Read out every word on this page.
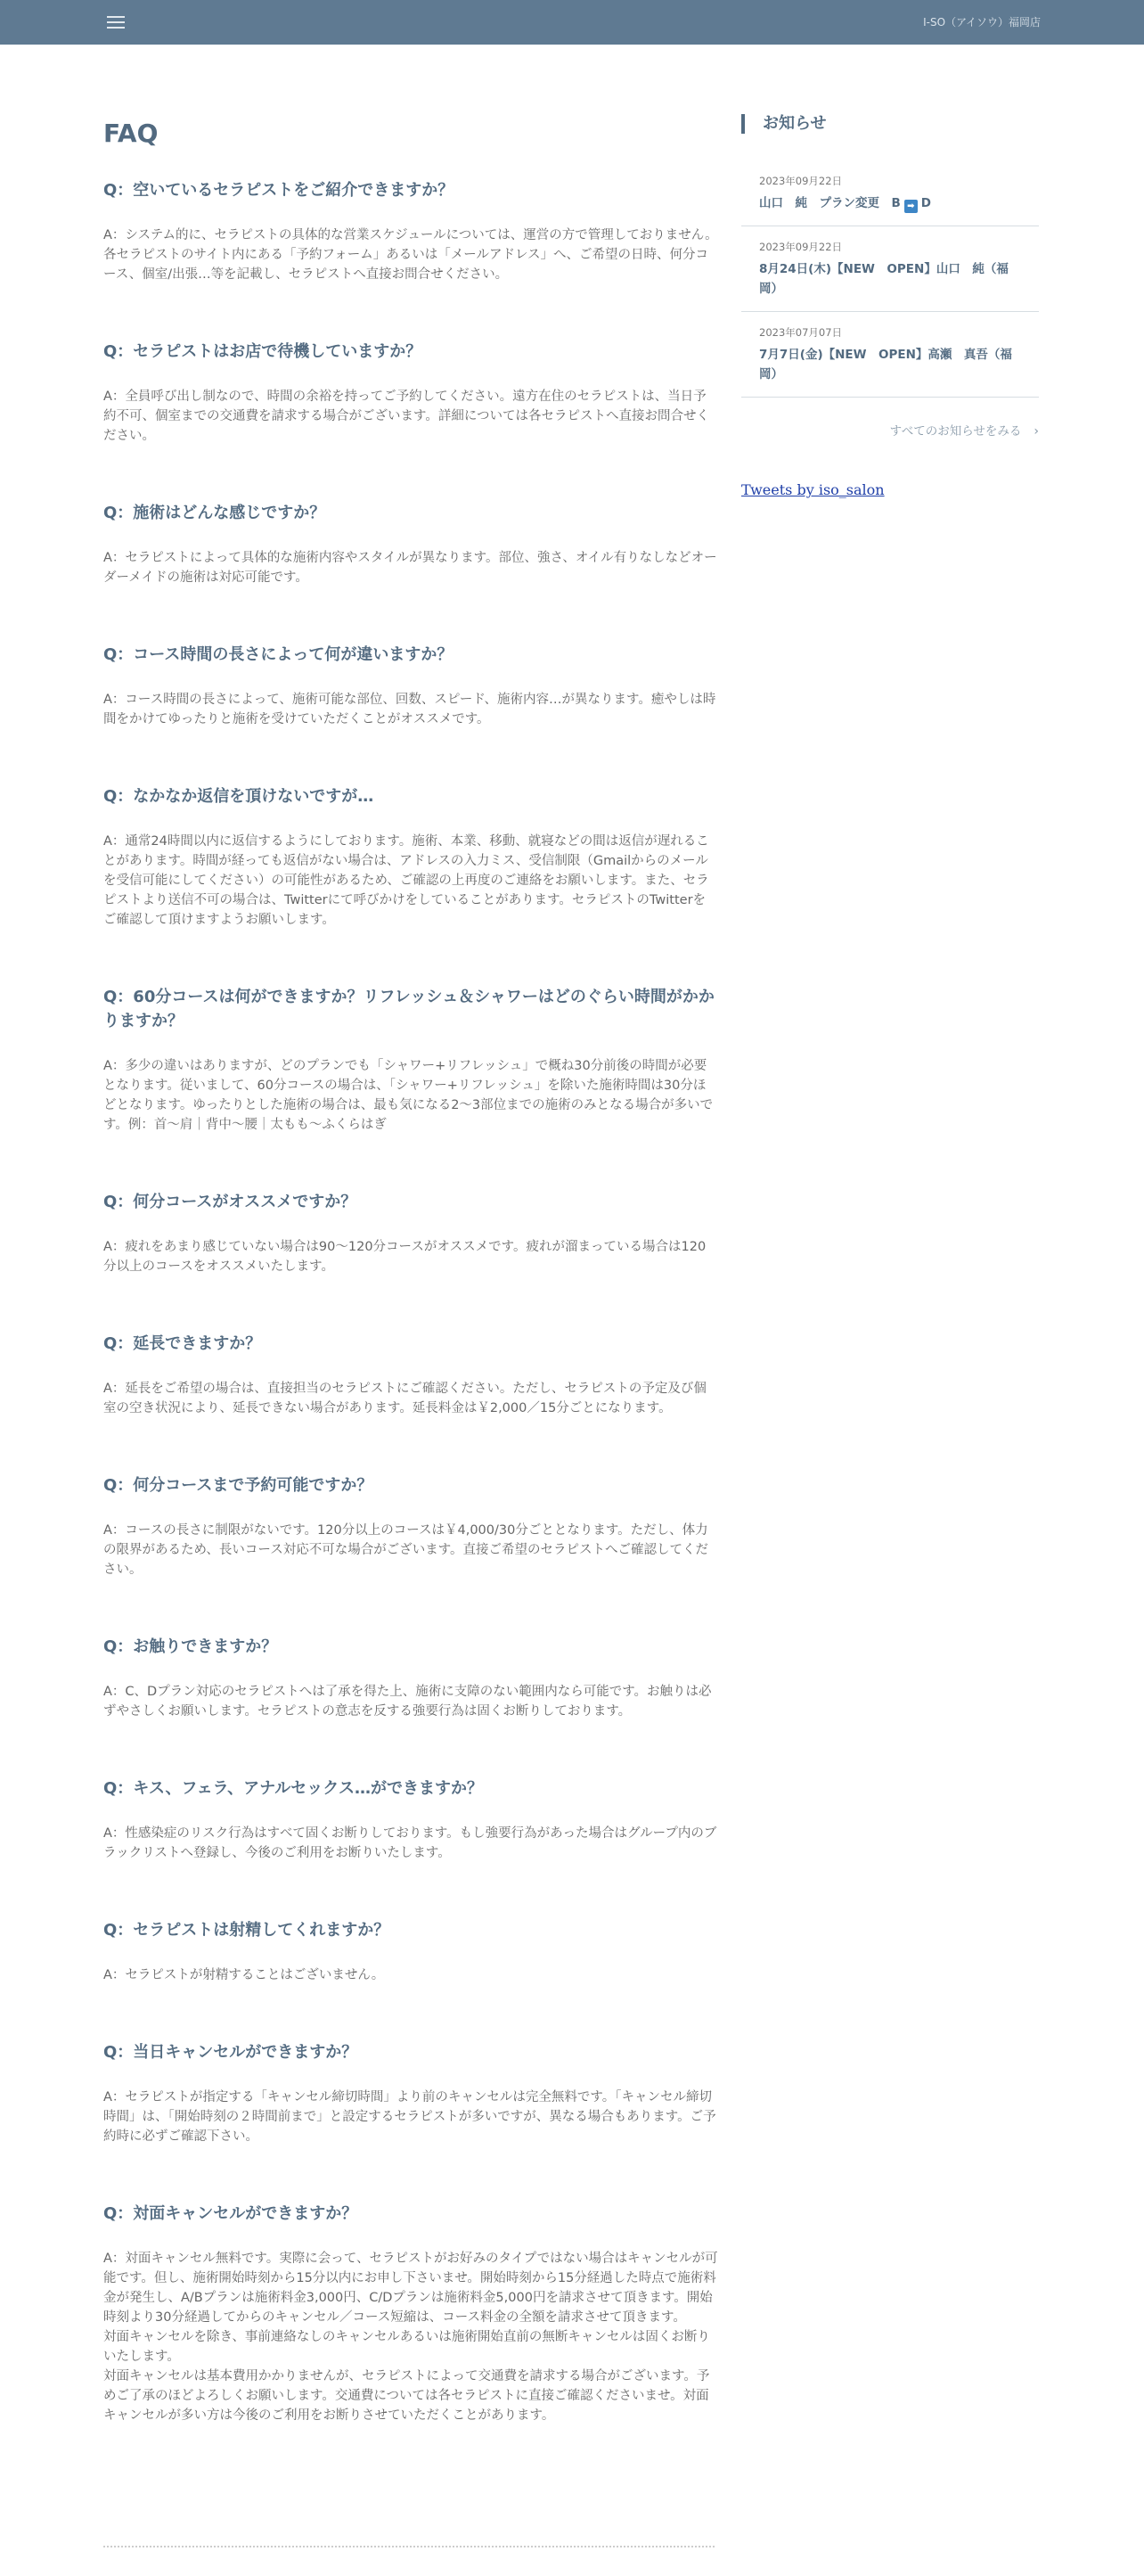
I-SO（アイソウ）福岡店
FAQ
Q：空いているセラピストをご紹介できますか？

A：システム的に、セラピストの具体的な営業スケジュールについては、運営の方で管理しておりません。各セラピストのサイト内にある「予約フォーム」あるいは「メールアドレス」へ、ご希望の日時、何分コース、個室/出張…等を記載し、セラピストへ直接お問合せください。

Q：セラピストはお店で待機していますか？

A：全員呼び出し制なので、時間の余裕を持ってご予約してください。遠方在住のセラピストは、当日予約不可、個室までの交通費を請求する場合がございます。詳細については各セラピストへ直接お問合せください。

Q：施術はどんな感じですか？

A：セラピストによって具体的な施術内容やスタイルが異なります。部位、強さ、オイル有りなしなどオーダーメイドの施術は対応可能です。

Q：コース時間の長さによって何が違いますか？

A：コース時間の長さによって、施術可能な部位、回数、スピード、施術内容…が異なります。癒やしは時間をかけてゆったりと施術を受けていただくことがオススメです。

Q：なかなか返信を頂けないですが…

A：通常24時間以内に返信するようにしております。施術、本業、移動、就寝などの間は返信が遅れることがあります。時間が経っても返信がない場合は、アドレスの入力ミス、受信制限（Gmailからのメールを受信可能にしてください）の可能性があるため、ご確認の上再度のご連絡をお願いします。また、セラピストより送信不可の場合は、Twitterにて呼びかけをしていることがあります。セラピストのTwitterをご確認して頂けますようお願いします。

Q：60分コースは何ができますか？リフレッシュ＆シャワーはどのぐらい時間がかかりますか？

A：多少の違いはありますが、どのプランでも「シャワー+リフレッシュ」で概ね30分前後の時間が必要となります。従いまして、60分コースの場合は、「シャワー+リフレッシュ」を除いた施術時間は30分ほどとなります。ゆったりとした施術の場合は、最も気になる2〜3部位までの施術のみとなる場合が多いです。例：首〜肩｜背中〜腰｜太もも〜ふくらはぎ

Q：何分コースがオススメですか？

A：疲れをあまり感じていない場合は90〜120分コースがオススメです。疲れが溜まっている場合は120分以上のコースをオススメいたします。

Q：延長できますか？

A：延長をご希望の場合は、直接担当のセラピストにご確認ください。ただし、セラピストの予定及び個室の空き状況により、延長できない場合があります。延長料金は￥2,000／15分ごとになります。

Q：何分コースまで予約可能ですか？

A：コースの長さに制限がないです。120分以上のコースは￥4,000/30分ごととなります。ただし、体力の限界があるため、長いコース対応不可な場合がございます。直接ご希望のセラピストへご確認してください。

Q：お触りできますか？

A：C、Dプラン対応のセラピストへは了承を得た上、施術に支障のない範囲内なら可能です。お触りは必ずやさしくお願いします。セラピストの意志を反する強要行為は固くお断りしております。

Q：キス、フェラ、アナルセックス…ができますか？

A：性感染症のリスク行為はすべて固くお断りしております。もし強要行為があった場合はグループ内のブラックリストへ登録し、今後のご利用をお断りいたします。

Q：セラピストは射精してくれますか？

A：セラピストが射精することはございません。

Q：当日キャンセルができますか？

A：セラピストが指定する「キャンセル締切時間」より前のキャンセルは完全無料です。「キャンセル締切時間」は、「開始時刻の２時間前まで」と設定するセラピストが多いですが、異なる場合もあります。ご予約時に必ずご確認下さい。

Q：対面キャンセルができますか？

A：対面キャンセル無料です。実際に会って、セラピストがお好みのタイプではない場合はキャンセルが可能です。但し、施術開始時刻から15分以内にお申し下さいませ。開始時刻から15分経過した時点で施術料金が発生し、A/Bプランは施術料金3,000円、C/Dプランは施術料金5,000円を請求させて頂きます。開始時刻より30分経過してからのキャンセル／コース短縮は、コース料金の全額を請求させて頂きます。
対面キャンセルを除き、事前連絡なしのキャンセルあるいは施術開始直前の無断キャンセルは固くお断りいたします。
対面キャンセルは基本費用かかりませんが、セラピストによって交通費を請求する場合がございます。予めご了承のほどよろしくお願いします。交通費については各セラピストに直接ご確認くださいませ。対面キャンセルが多い方は今後のご利用をお断りさせていただくことがあります。

お知らせ
2023年09月22日
山口　純　プラン変更　B ➡ D
2023年09月22日
8月24日(木)【NEW　OPEN】山口　純（福岡）
2023年07月07日
7月7日(金)【NEW　OPEN】高瀬　真吾（福岡）
すべてのお知らせをみる ›
Tweets by iso_salon
